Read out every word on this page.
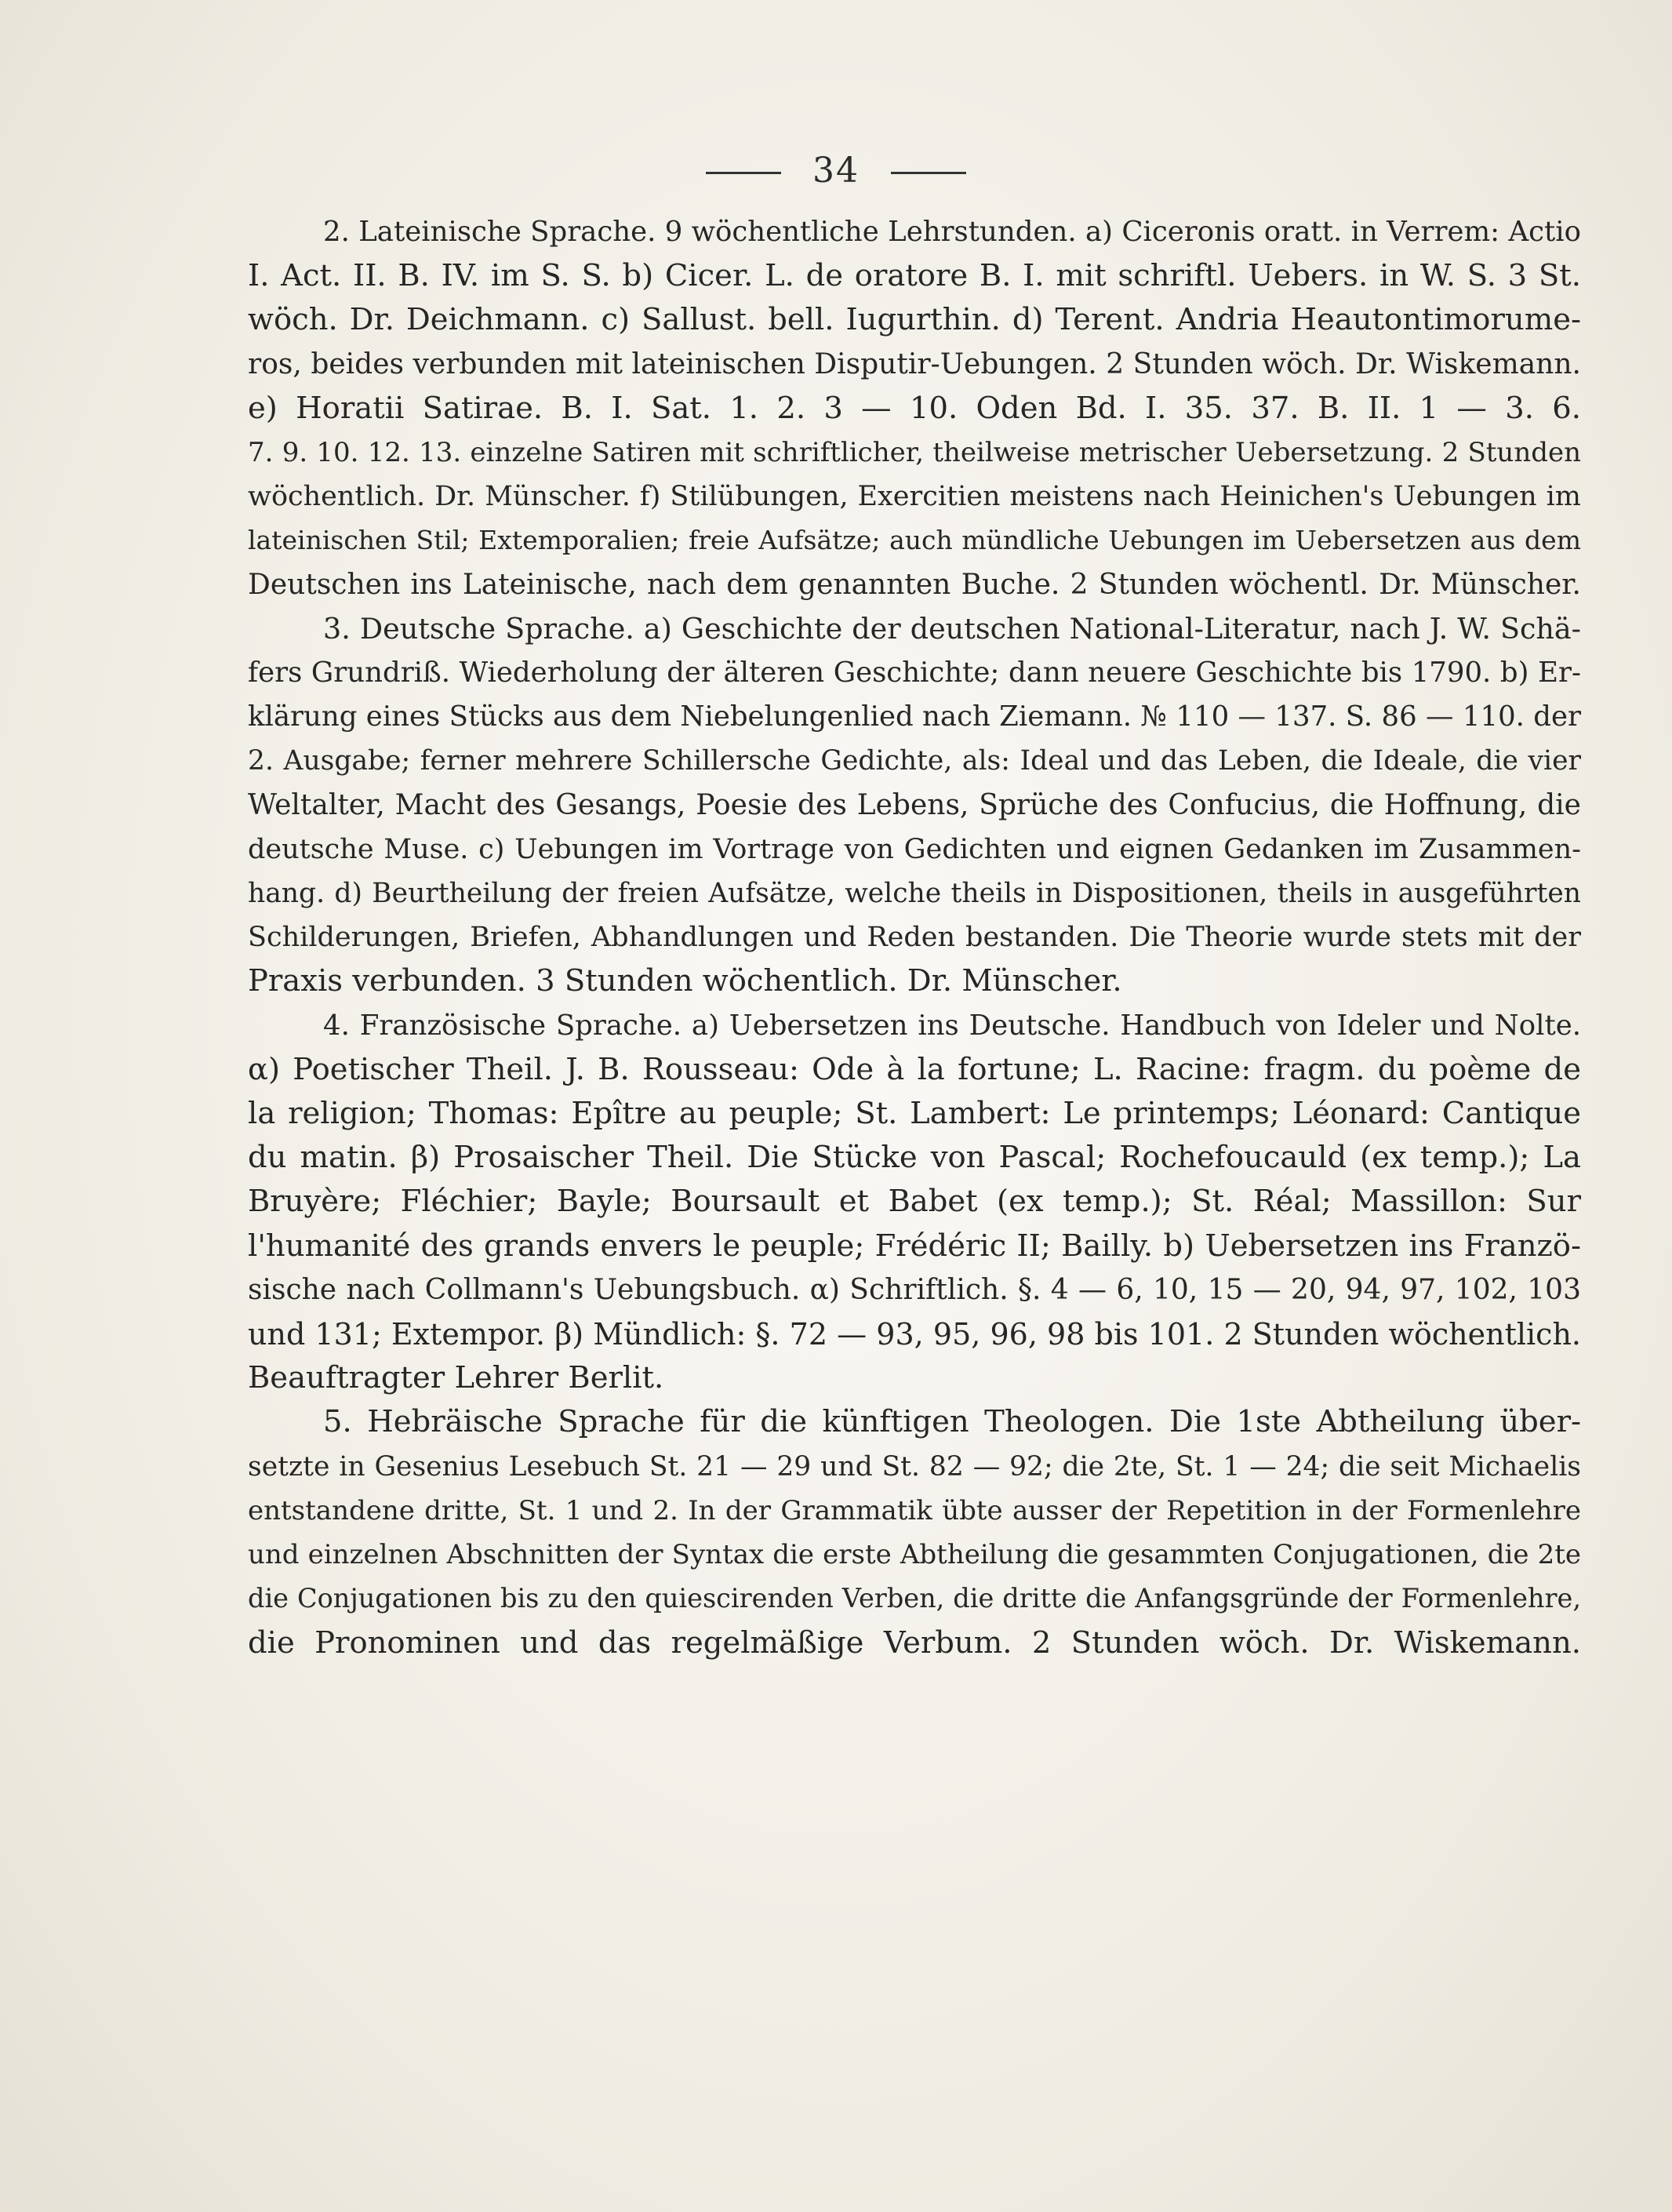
34
2. Lateinische Sprache. 9 wöchentliche Lehrstunden. a) Ciceronis oratt. in Verrem: Actio
I. Act. II. B. IV. im S. S. b) Cicer. L. de oratore B. I. mit schriftl. Uebers. in W. S. 3 St.
wöch. Dr. Deichmann. c) Sallust. bell. Iugurthin. d) Terent. Andria Heautontimorume-
ros, beides verbunden mit lateinischen Disputir-Uebungen. 2 Stunden wöch. Dr. Wiskemann.
e) Horatii Satirae. B. I. Sat. 1. 2. 3 — 10. Oden Bd. I. 35. 37. B. II. 1 — 3. 6.
7. 9. 10. 12. 13. einzelne Satiren mit schriftlicher, theilweise metrischer Uebersetzung. 2 Stunden
wöchentlich. Dr. Münscher. f) Stilübungen, Exercitien meistens nach Heinichen's Uebungen im
lateinischen Stil; Extemporalien; freie Aufsätze; auch mündliche Uebungen im Uebersetzen aus dem
Deutschen ins Lateinische, nach dem genannten Buche. 2 Stunden wöchentl. Dr. Münscher.
3. Deutsche Sprache. a) Geschichte der deutschen National-Literatur, nach J. W. Schä-
fers Grundriß. Wiederholung der älteren Geschichte; dann neuere Geschichte bis 1790. b) Er-
klärung eines Stücks aus dem Niebelungenlied nach Ziemann. № 110 — 137. S. 86 — 110. der
2. Ausgabe; ferner mehrere Schillersche Gedichte, als: Ideal und das Leben, die Ideale, die vier
Weltalter, Macht des Gesangs, Poesie des Lebens, Sprüche des Confucius, die Hoffnung, die
deutsche Muse. c) Uebungen im Vortrage von Gedichten und eignen Gedanken im Zusammen-
hang. d) Beurtheilung der freien Aufsätze, welche theils in Dispositionen, theils in ausgeführten
Schilderungen, Briefen, Abhandlungen und Reden bestanden. Die Theorie wurde stets mit der
Praxis verbunden. 3 Stunden wöchentlich. Dr. Münscher.
4. Französische Sprache. a) Uebersetzen ins Deutsche. Handbuch von Ideler und Nolte.
α) Poetischer Theil. J. B. Rousseau: Ode à la fortune; L. Racine: fragm. du poème de
la religion; Thomas: Epître au peuple; St. Lambert: Le printemps; Léonard: Cantique
du matin. β) Prosaischer Theil. Die Stücke von Pascal; Rochefoucauld (ex temp.); La
Bruyère; Fléchier; Bayle; Boursault et Babet (ex temp.); St. Réal; Massillon: Sur
l'humanité des grands envers le peuple; Frédéric II; Bailly. b) Uebersetzen ins Franzö-
sische nach Collmann's Uebungsbuch. α) Schriftlich. §. 4 — 6, 10, 15 — 20, 94, 97, 102, 103
und 131; Extempor. β) Mündlich: §. 72 — 93, 95, 96, 98 bis 101. 2 Stunden wöchentlich.
Beauftragter Lehrer Berlit.
5. Hebräische Sprache für die künftigen Theologen. Die 1ste Abtheilung über-
setzte in Gesenius Lesebuch St. 21 — 29 und St. 82 — 92; die 2te, St. 1 — 24; die seit Michaelis
entstandene dritte, St. 1 und 2. In der Grammatik übte ausser der Repetition in der Formenlehre
und einzelnen Abschnitten der Syntax die erste Abtheilung die gesammten Conjugationen, die 2te
die Conjugationen bis zu den quiescirenden Verben, die dritte die Anfangsgründe der Formenlehre,
die Pronominen und das regelmäßige Verbum. 2 Stunden wöch. Dr. Wiskemann.
